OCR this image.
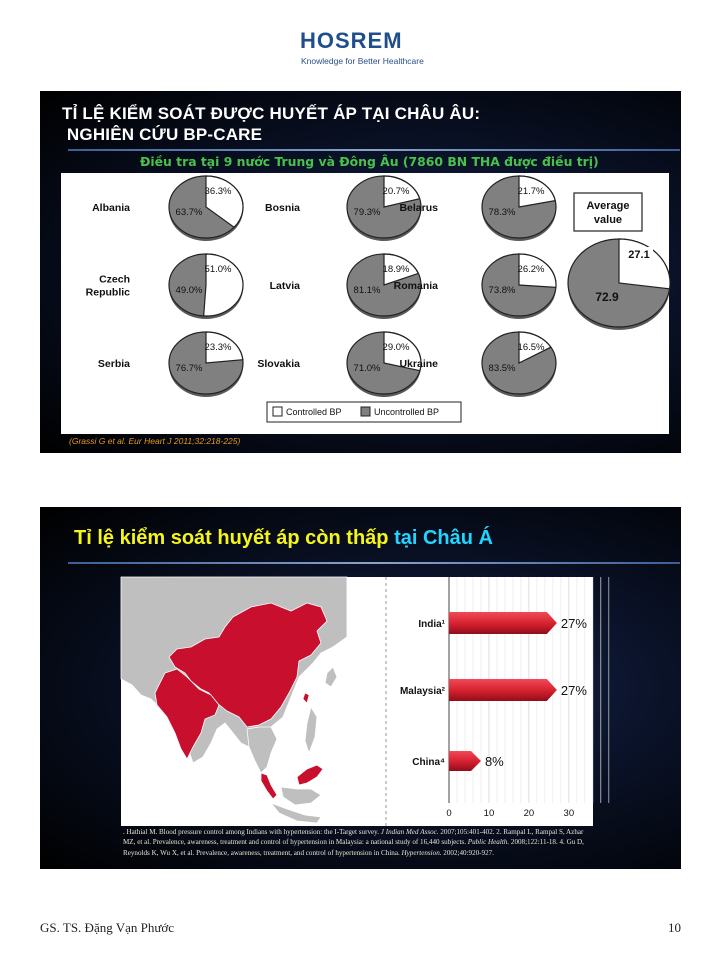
HOSREM
Knowledge for Better Healthcare
TỈ LỆ KIỂM SOÁT ĐƯỢC HUYẾT ÁP TẠI CHÂU ÂU:
NGHIÊN CỨU BP-CARE
Điều tra tại 9 nước Trung và Đông Âu (7860 BN THA được điều trị)
36.3%
63.7%
Albania
20.7%
79.3%
Bosnia
21.7%
78.3%
Belarus
51.0%
49.0%
Czech
Republic
18.9%
81.1%
Latvia
26.2%
73.8%
Romania
23.3%
76.7%
Serbia
29.0%
71.0%
Slovakia
16.5%
83.5%
Ukraine
Average
value
27.1
72.9
Controlled BP	Uncontrolled BP
(Grassi G et al. Eur Heart J 2011;32:218-225)
Tỉ lệ kiểm soát huyết áp còn thấp tại Châu Á
0	10	20	30 40(%)
India¹	27%
Malaysia²	27%
China⁴	8%
. Hathial M. Blood pressure control among Indians with hypertension: the I-Target survey. J Indian Med Assoc. 2007;105:401-402. 2. Rampal L, Rampal S, Azhar MZ, et al. Prevalence, awareness, treatment and control of hypertension in Malaysia: a national study of 16,440 subjects. Public Health. 2008;122:11-18. 4. Gu D, Reynolds K, Wu X, et al. Prevalence, awareness, treatment, and control of hypertension in China. Hypertension. 2002;40:920-927.
GS. TS. Đặng Vạn Phước	10
